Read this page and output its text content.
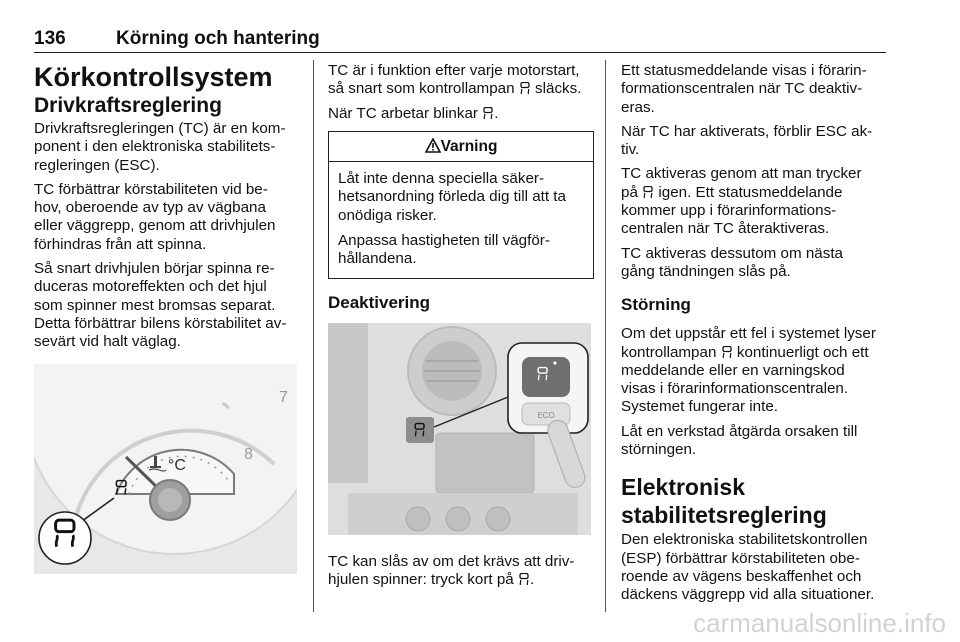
136	Körning och hantering
Körkontrollsystem
Drivkraftsreglering

Drivkraftsregleringen (TC) är en kom-
ponent i den elektroniska stabilitets-
regleringen (ESC).

TC förbättrar körstabiliteten vid be-
hov, oberoende av typ av vägbana
eller väggrepp, genom att drivhjulen
förhindras från att spinna.

Så snart drivhjulen börjar spinna re-
duceras motoreffekten och det hjul
som spinner mest bromsas separat.
Detta förbättrar bilens körstabilitet av-
sevärt vid halt väglag.

7
8
°C

TC är i funktion efter varje motorstart,
så snart som kontrollampan släcks.

När TC arbetar blinkar .

Varning

Låt inte denna speciella säker-
hetsanordning förleda dig till att ta
onödiga risker.

Anpassa hastigheten till vägför-
hållandena.

Deaktivering
ECO

TC kan slås av om det krävs att driv-
hjulen spinner: tryck kort på .

Ett statusmeddelande visas i förarin-
formationscentralen när TC deaktiv-
eras.

När TC har aktiverats, förblir ESC ak-
tiv.

TC aktiveras genom att man trycker
på igen. Ett statusmeddelande
kommer upp i förarinformations-
centralen när TC återaktiveras.

TC aktiveras dessutom om nästa
gång tändningen slås på.

Störning

Om det uppstår ett fel i systemet lyser
kontrollampan kontinuerligt och ett
meddelande eller en varningskod
visas i förarinformationscentralen.
Systemet fungerar inte.

Låt en verkstad åtgärda orsaken till
störningen.

Elektronisk
stabilitetsreglering

Den elektroniska stabilitetskontrollen
(ESP) förbättrar körstabiliteten obe-
roende av vägens beskaffenhet och
däckens väggrepp vid alla situationer.

carmanualsonline.info
